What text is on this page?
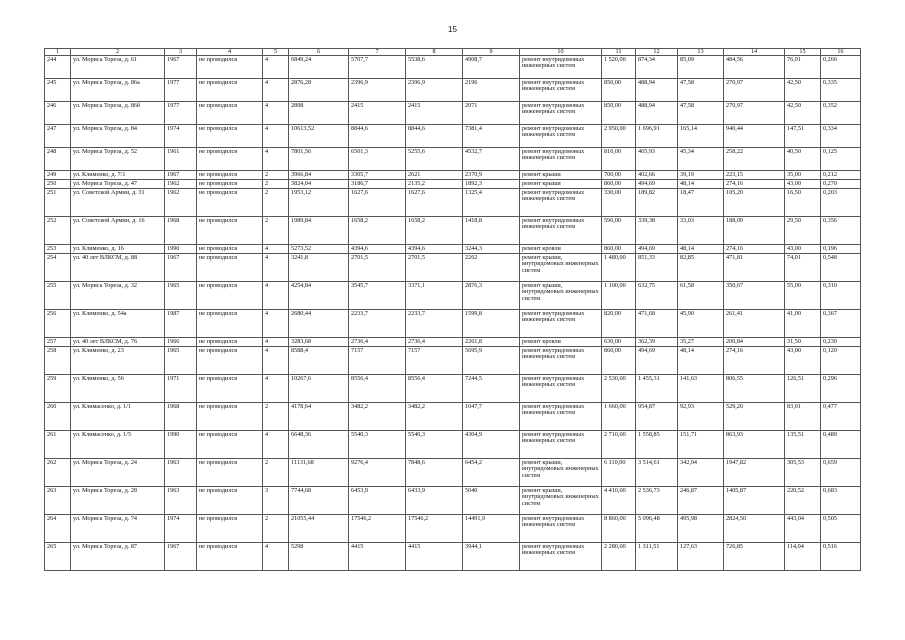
15
1	2	3	4	5	6	7	8	9	10	11	12	13	14	15	16
244	ул. Мориса Тореза, д. 61	1967	не проводился	4	6849,24	5707,7	5538,6	4908,7	ремонт внутридомовых инженерных систем	1 520,00	874,34	85,09	484,56	76,01	0,266
245	ул. Мориса Тореза, д. 86а	1977	не проводился	4	2876,28	2396,9	2396,9	2196	ремонт внутридомовых инженерных систем	850,00	488,94	47,58	270,97	42,50	0,335
246	ул. Мориса Тореза, д. 86б	1977	не проводился	4	2898	2415	2415	2071	ремонт внутридомовых инженерных систем	850,00	488,94	47,58	270,97	42,50	0,352
247	ул. Мориса Тореза, д. 84	1974	не проводился	4	10613,52	8844,6	8844,6	7381,4	ремонт внутридомовых инженерных систем	2 950,00	1 696,91	165,14	940,44	147,51	0,334
248	ул. Мориса Тореза, д. 52	1961	не проводился	4	7801,56	6501,3	5255,6	4532,7	ремонт внутридомовых инженерных систем	810,00	465,93	45,34	258,22	40,50	0,125
249	ул. Клименко, д. 7/1	1967	не проводился	2	3966,84	3305,7	2621	2370,9	ремонт крыши	700,00	402,66	39,19	223,15	35,00	0,212
250	ул. Мориса Тореза, д. 47	1962	не проводился	2	3824,04	3186,7	2135,2	1892,3	ремонт крыши	860,00	494,69	48,14	274,16	43,00	0,270
251	ул. Советской Армии, д. 31	1962	не проводился	2	1953,12	1627,6	1627,6	1325,4	ремонт внутридомовых инженерных систем	330,00	189,82	18,47	105,20	16,50	0,203
252	ул. Советской Армии, д. 16	1968	не проводился	2	1989,84	1658,2	1658,2	1418,8	ремонт внутридомовых инженерных систем	590,00	339,38	33,03	188,09	29,50	0,356
253	ул. Клименко, д. 16	1990	не проводился	4	5273,52	4394,6	4394,6	3244,3	ремонт кровли	860,00	494,69	48,14	274,16	43,00	0,196
254	ул. 40 лет ВЛКСМ, д. 88	1967	не проводился	4	3241,8	2701,5	2701,5	2262	ремонт крыши, внутридомовых инженерных систем	1 480,00	851,33	82,85	471,81	74,01	0,548
255	ул. Мориса Тореза, д. 32	1965	не проводился	4	4254,84	3545,7	3371,1	2876,3	ремонт крыши, внутридомовых инженерных систем	1 100,00	632,75	61,58	350,67	55,00	0,310
256	ул. Клименко, д. 54а	1987	не проводился	4	2680,44	2233,7	2233,7	1599,8	ремонт внутридомовых инженерных систем	820,00	471,68	45,90	261,41	41,00	0,367
257	ул. 40 лет ВЛКСМ, д. 76	1966	не проводился	4	3283,68	2736,4	2736,4	2261,8	ремонт кровли	630,00	362,39	35,27	200,84	31,50	0,230
258	ул. Клименко, д. 23	1965	не проводился	4	8588,4	7157	7157	5695,9	ремонт внутридомовых инженерных систем	860,00	494,69	48,14	274,16	43,00	0,120
259	ул. Клименко, д. 56	1971	не проводился	4	10267,6	8556,4	8556,4	7244,5	ремонт внутридомовых инженерных систем	2 530,00	1 455,31	141,63	806,55	126,51	0,296
260	ул. Климасенко, д. 1/1	1968	не проводился	2	4178,64	3482,2	3482,2	1047,7	ремонт внутридомовых инженерных систем	1 660,00	954,87	92,93	529,20	83,01	0,477
261	ул. Климасенко, д. 1/5	1990	не проводился	4	6648,36	5540,3	5540,3	4304,9	ремонт внутридомовых инженерных систем	2 710,00	1 558,85	151,71	863,93	135,51	0,489
262	ул. Мориса Тореза, д. 24	1963	не проводился	2	11131,68	9276,4	7848,6	6454,2	ремонт крыши, внутридомовых инженерных систем	6 110,00	3 514,61	342,04	1947,82	305,53	0,659
263	ул. Мориса Тореза, д. 28	1963	не проводился	3	7744,68	6453,9	6433,9	5040	ремонт крыши, внутридомовых инженерных систем	4 410,00	2 536,73	246,87	1405,87	220,52	0,683
264	ул. Мориса Тореза, д. 74	1974	не проводился	2	21055,44	17546,2	17546,2	14491,9	ремонт внутридомовых инженерных систем	8 860,00	5 096,48	495,98	2824,50	443,04	0,505
265	ул. Мориса Тореза, д. 87	1967	не проводился	4	5298	4415	4415	3944,1	ремонт внутридомовых инженерных систем	2 280,00	1 311,51	127,63	726,85	114,04	0,516
